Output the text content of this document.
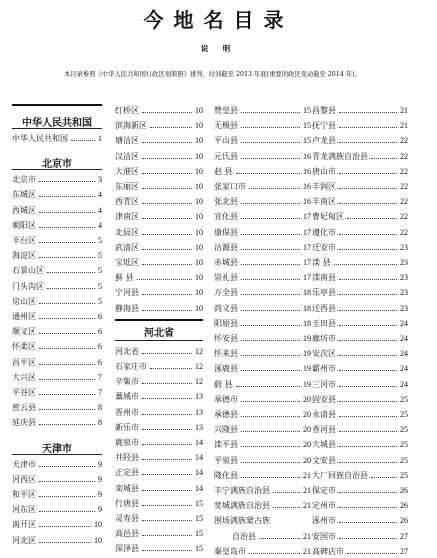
今地名目录
说 明
本目录参照《中华人民共和国行政区划简册》排列，时间截至 2013 年底(重要的政区变动截至 2014 年)。
中华人民共和国
中华人民共和国	1
北京市
北京市	3
东城区	4
西城区	4
朝阳区	4
丰台区	5
海淀区	5
石景山区	5
门头沟区	5
房山区	5
通州区	6
顺义区	6
怀柔区	6
昌平区	6
大兴区	7
平谷区	7
密云县	8
延庆县	8
天津市
天津市	9
河西区	9
和平区	9
河东区	9
南开区	10
河北区	10
红桥区	10
滨海新区	10
塘沽区	10
汉沽区	10
大港区	10
东丽区	10
西青区	10
津南区	10
北辰区	10
武清区	10
宝坻区	10
蓟 县	10
宁河县	10
静海县	10
河北省
河北省	12
石家庄市	12
辛集市	12
藁城市	13
晋州市	13
新乐市	13
鹿泉市	14
井陉县	14
正定县	14
栾城县	14
行唐县	15
灵寿县	15
高邑县	15
深泽县	15
赞皇县	15
无极县	15
平山县	15
元氏县	16
赵 县	16
张家口市	16
张北县	16
宣化县	17
康保县	17
沽源县	17
赤城县	17
崇礼县	17
万全县	18
尚义县	18
阳原县	18
怀安县	19
怀来县	19
涿鹿县	19
蔚 县	19
承德市	20
承德县	20
兴隆县	20
滦平县	20
平泉县	20
隆化县	21
丰宁满族自治县	21
宽城满族自治县	21
围场满族蒙古族
自治县	21
秦皇岛市	21
昌黎县	21
抚宁县	21
卢龙县	22
青龙满族自治县	22
唐山市	22
丰润区	22
丰南区	22
曹妃甸区	22
遵化市	22
迁安市	23
滦 县	23
滦南县	23
乐亭县	23
迁西县	23
玉田县	24
廊坊市	24
安次区	24
霸州市	24
三河市	24
固安县	25
永清县	25
香河县	25
大城县	25
文安县	25
大厂回族自治县	25
保定市	26
定州市	26
涿州市	26
安国市	27
高碑店市	27
